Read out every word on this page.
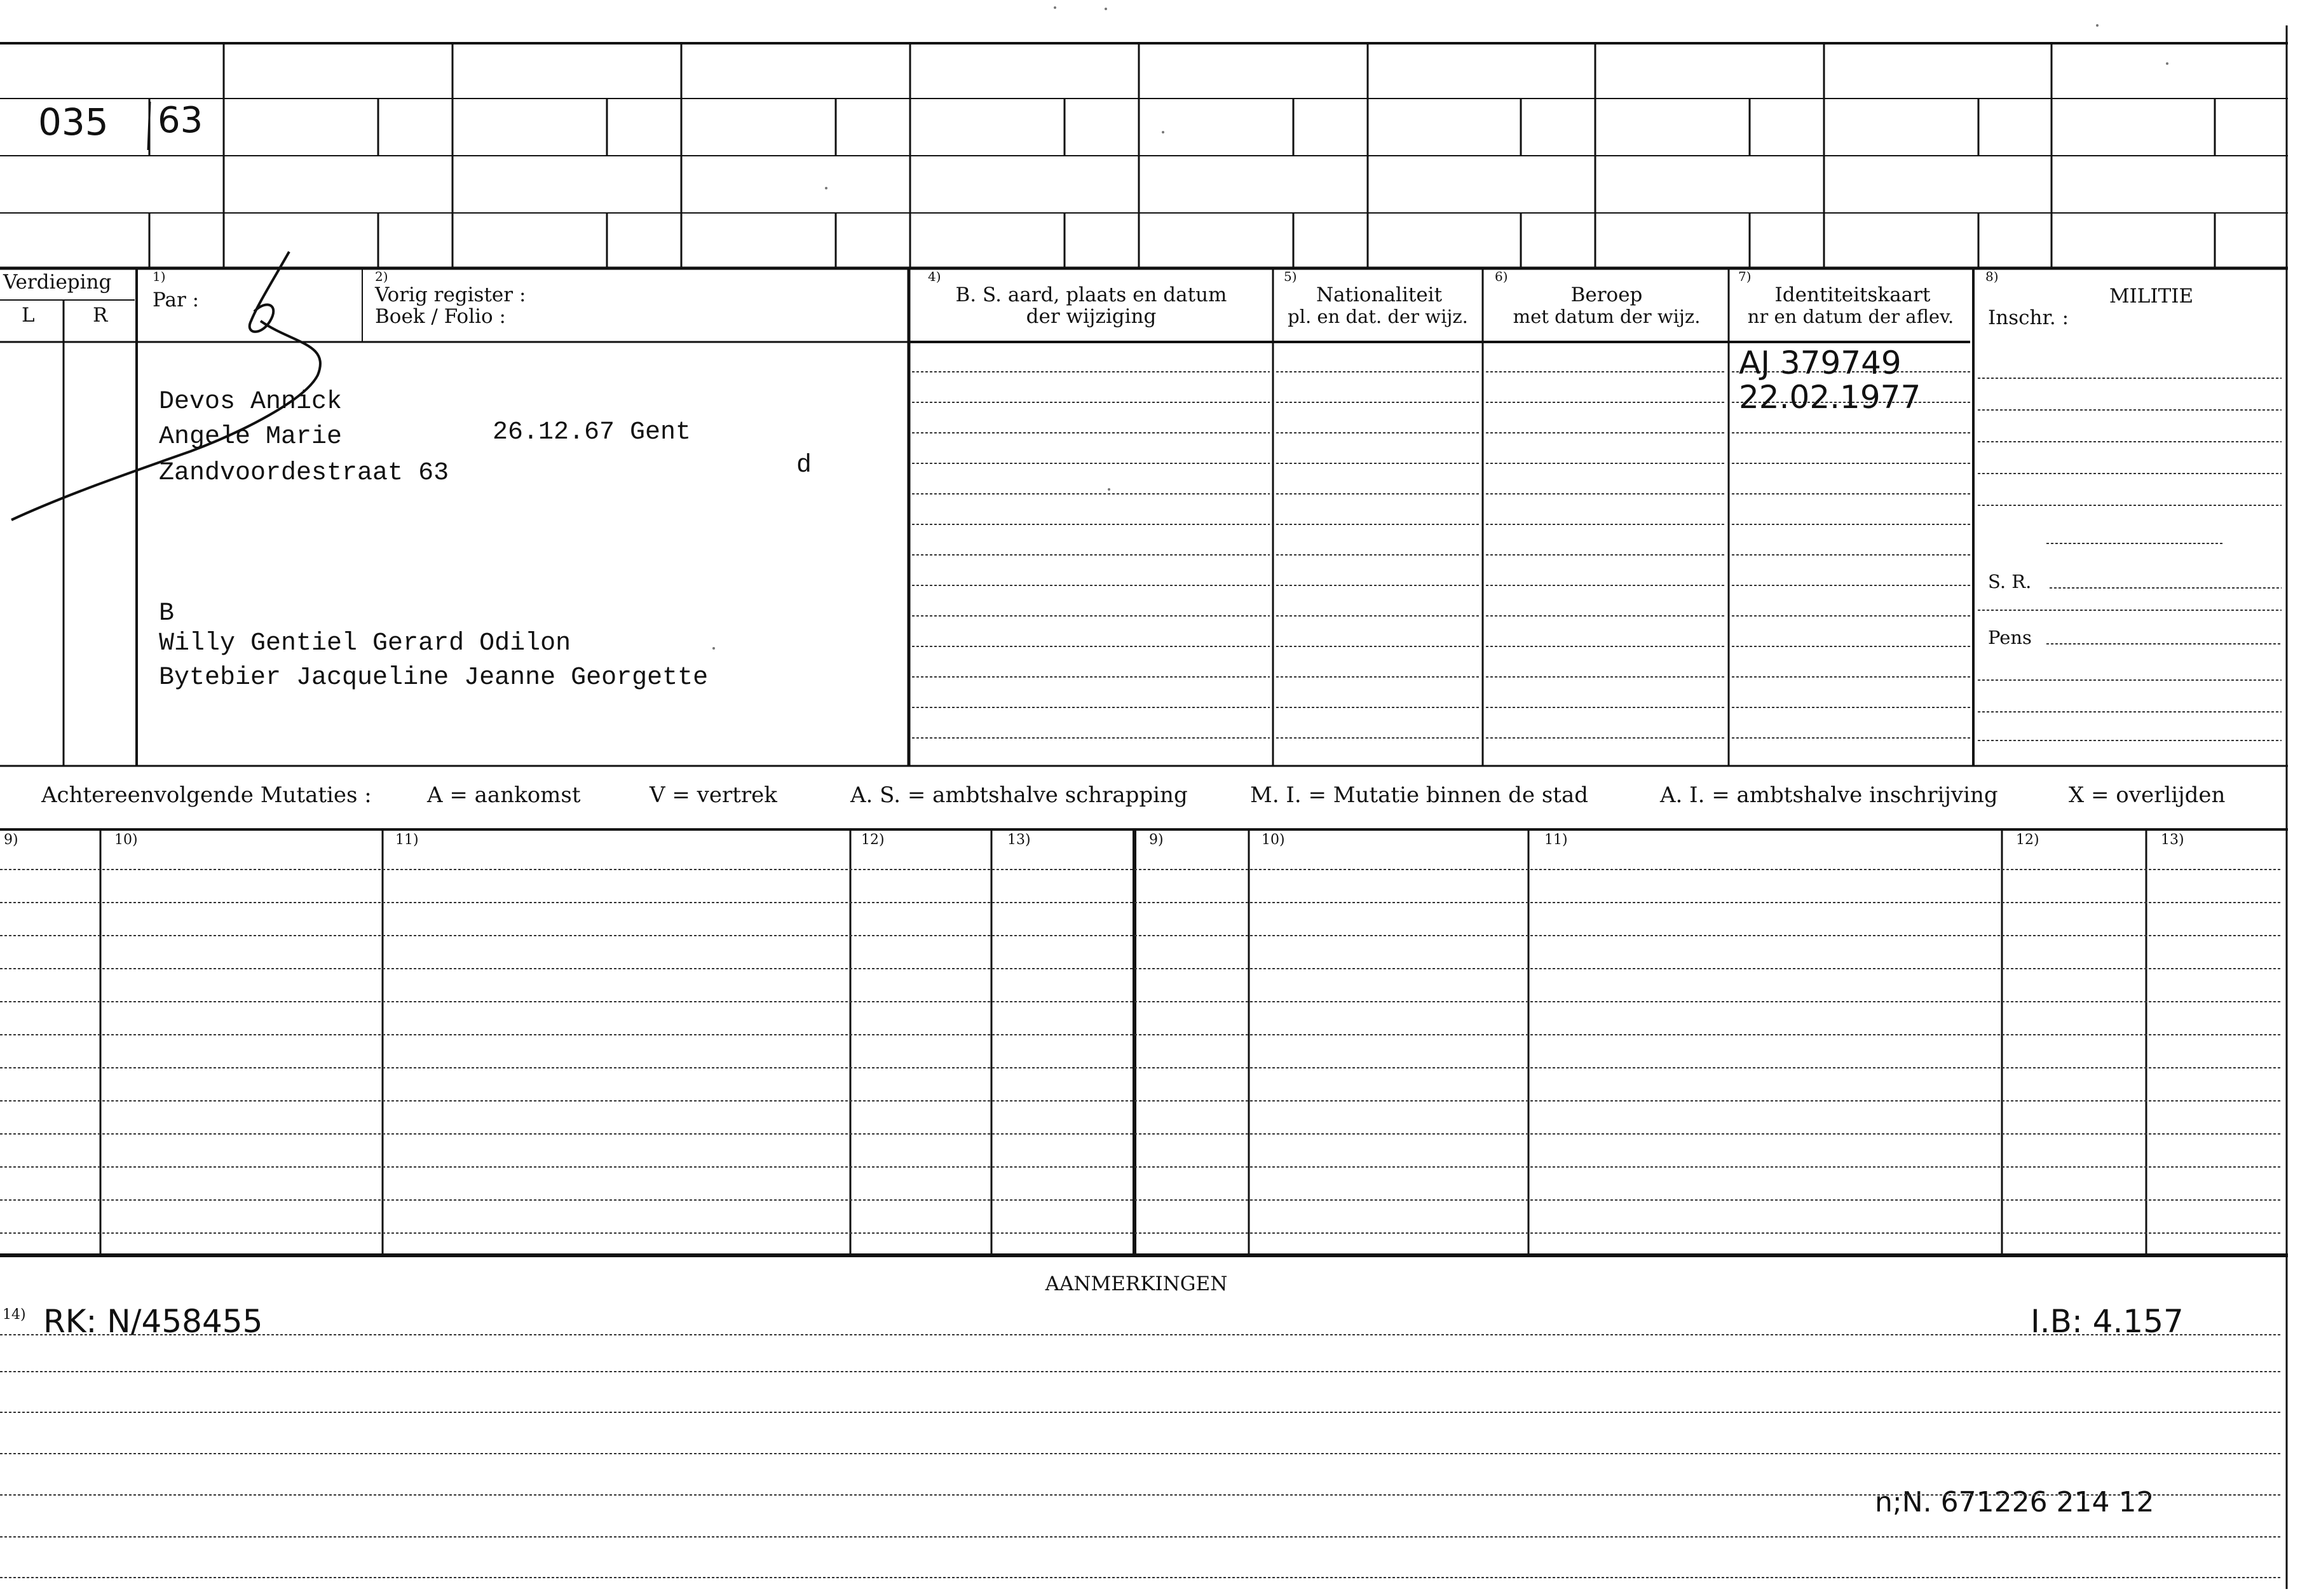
035 63
Verdieping
L	R
1)
Par :
2)
Vorig register :
Boek / Folio :
4)
B. S. aard, plaats en datum
der wijziging
5)
Nationaliteit
pl. en dat. der wijz.
6)
Beroep
met datum der wijz.
7)
Identiteitskaart
nr en datum der aflev.
8)
MILITIE
Inschr. :
S. R.
Pens
Devos Annick
Angele Marie	26.12.67 Gent
Zandvoordestraat 63	d
B
Willy Gentiel Gerard Odilon
Bytebier Jacqueline Jeanne Georgette
AJ 379749
22.02.1977
Achtereenvolgende Mutaties :	A = aankomst	V = vertrek	A. S. = ambtshalve schrapping	M. I. = Mutatie binnen de stad	A. I. = ambtshalve inschrijving	X = overlijden
9)	10)	11)	12)	13)	9)	10)	11)	12)	13)
AANMERKINGEN
14) RK: N/458455	I.B: 4.157
n;N. 671226 214 12
